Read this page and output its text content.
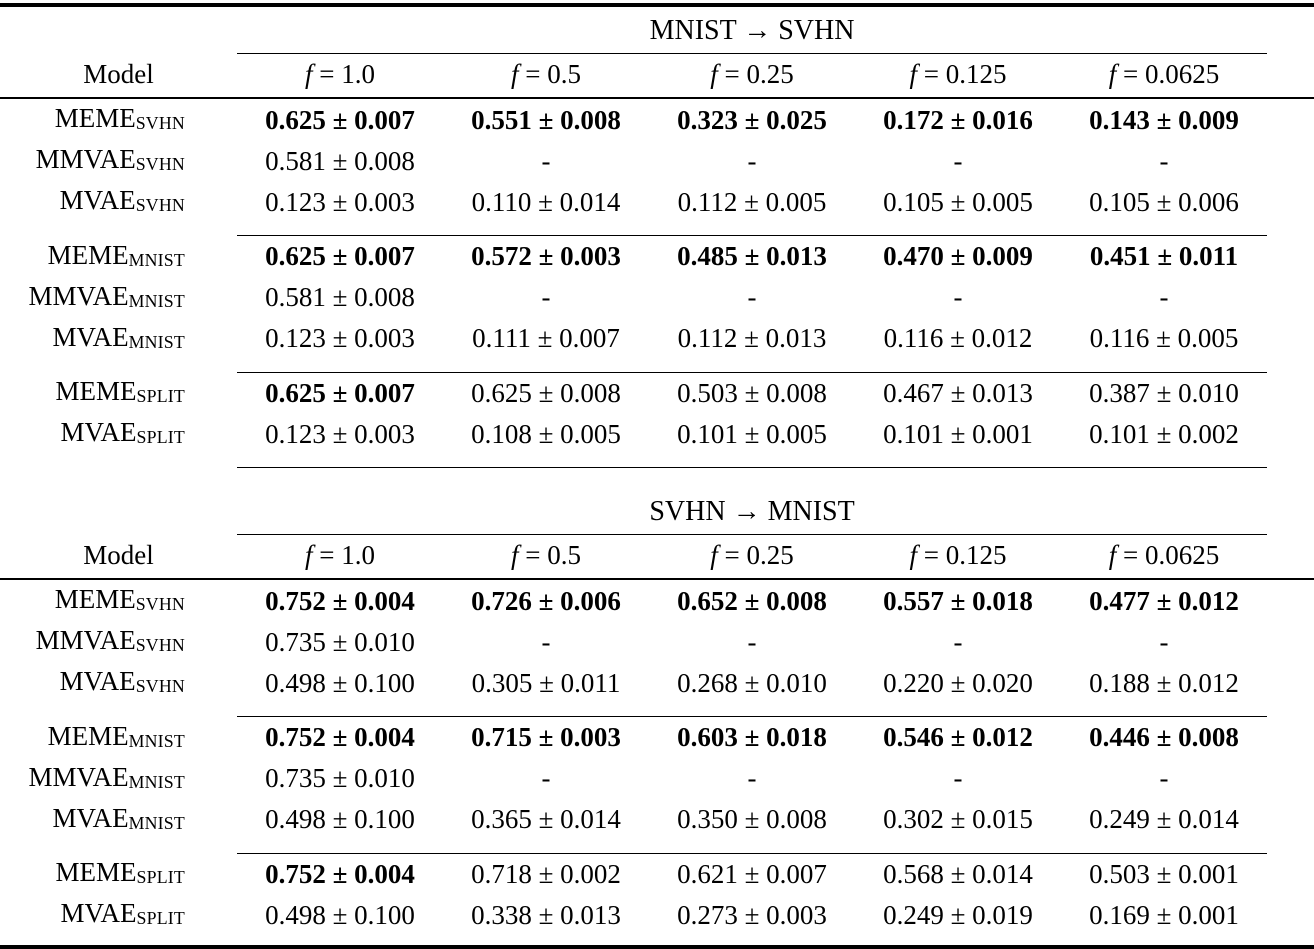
	MNIST → SVHN					
Model	f = 1.0	f = 0.5	f = 0.25	f = 0.125	f = 0.0625	
$MEME_{SVHN}$	0.625 ± 0.007	0.551 ± 0.008	0.323 ± 0.025	0.172 ± 0.016	0.143 ± 0.009	
$MMVAE_{SVHN}$	0.581 ± 0.008	-	-	-	-	
$MVAE_{SVHN}$	0.123 ± 0.003	0.110 ± 0.014	0.112 ± 0.005	0.105 ± 0.005	0.105 ± 0.006	

$MEME_{MNIST}$	0.625 ± 0.007	0.572 ± 0.003	0.485 ± 0.013	0.470 ± 0.009	0.451 ± 0.011	
$MMVAE_{MNIST}$	0.581 ± 0.008	-	-	-	-	
$MVAE_{MNIST}$	0.123 ± 0.003	0.111 ± 0.007	0.112 ± 0.013	0.116 ± 0.012	0.116 ± 0.005	

$MEME_{SPLIT}$	0.625 ± 0.007	0.625 ± 0.008	0.503 ± 0.008	0.467 ± 0.013	0.387 ± 0.010	
$MVAE_{SPLIT}$	0.123 ± 0.003	0.108 ± 0.005	0.101 ± 0.005	0.101 ± 0.001	0.101 ± 0.002	

	SVHN → MNIST					
Model	f = 1.0	f = 0.5	f = 0.25	f = 0.125	f = 0.0625	
$MEME_{SVHN}$	0.752 ± 0.004	0.726 ± 0.006	0.652 ± 0.008	0.557 ± 0.018	0.477 ± 0.012	
$MMVAE_{SVHN}$	0.735 ± 0.010	-	-	-	-	
$MVAE_{SVHN}$	0.498 ± 0.100	0.305 ± 0.011	0.268 ± 0.010	0.220 ± 0.020	0.188 ± 0.012	

$MEME_{MNIST}$	0.752 ± 0.004	0.715 ± 0.003	0.603 ± 0.018	0.546 ± 0.012	0.446 ± 0.008	
$MMVAE_{MNIST}$	0.735 ± 0.010	-	-	-	-	
$MVAE_{MNIST}$	0.498 ± 0.100	0.365 ± 0.014	0.350 ± 0.008	0.302 ± 0.015	0.249 ± 0.014	

$MEME_{SPLIT}$	0.752 ± 0.004	0.718 ± 0.002	0.621 ± 0.007	0.568 ± 0.014	0.503 ± 0.001	
$MVAE_{SPLIT}$	0.498 ± 0.100	0.338 ± 0.013	0.273 ± 0.003	0.249 ± 0.019	0.169 ± 0.001	
